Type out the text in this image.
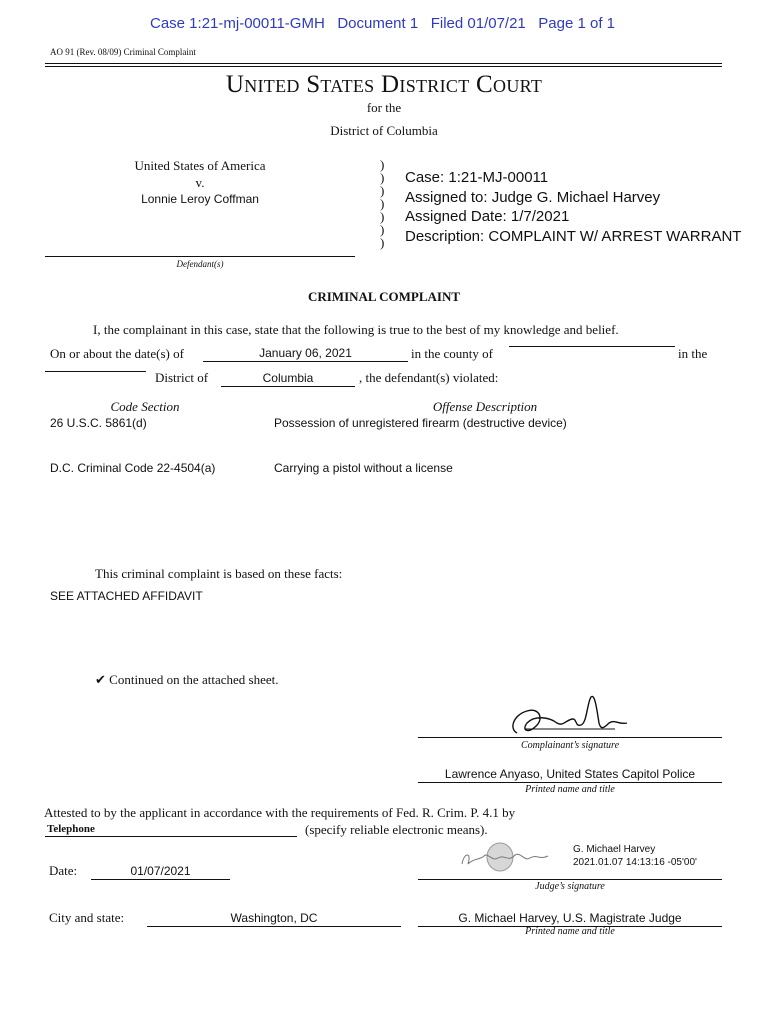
Case 1:21-mj-00011-GMH Document 1 Filed 01/07/21 Page 1 of 1
AO 91 (Rev. 08/09) Criminal Complaint
United States District Court
for the
District of Columbia
United States of America
v.
Lonnie Leroy Coffman
Defendant(s)
)
)
)
)
)
)
)
Case: 1:21-MJ-00011
Assigned to: Judge G. Michael Harvey
Assigned Date: 1/7/2021
Description: COMPLAINT W/ ARREST WARRANT
CRIMINAL COMPLAINT
I, the complainant in this case, state that the following is true to the best of my knowledge and belief.
On or about the date(s) of	January 06, 2021	in the county of	in the
District of	Columbia	, the defendant(s) violated:
Code Section	Offense Description
26 U.S.C. 5861(d)	Possession of unregistered firearm (destructive device)
D.C. Criminal Code 22-4504(a)	Carrying a pistol without a license
This criminal complaint is based on these facts:
SEE ATTACHED AFFIDAVIT
✔ Continued on the attached sheet.
Complainant’s signature
Lawrence Anyaso, United States Capitol Police
Printed name and title
Attested to by the applicant in accordance with the requirements of Fed. R. Crim. P. 4.1 by
Telephone	(specify reliable electronic means).
G. Michael Harvey
2021.01.07 14:13:16 -05'00'
Date:	01/07/2021
Judge’s signature
City and state:	Washington, DC	G. Michael Harvey, U.S. Magistrate Judge
Printed name and title
